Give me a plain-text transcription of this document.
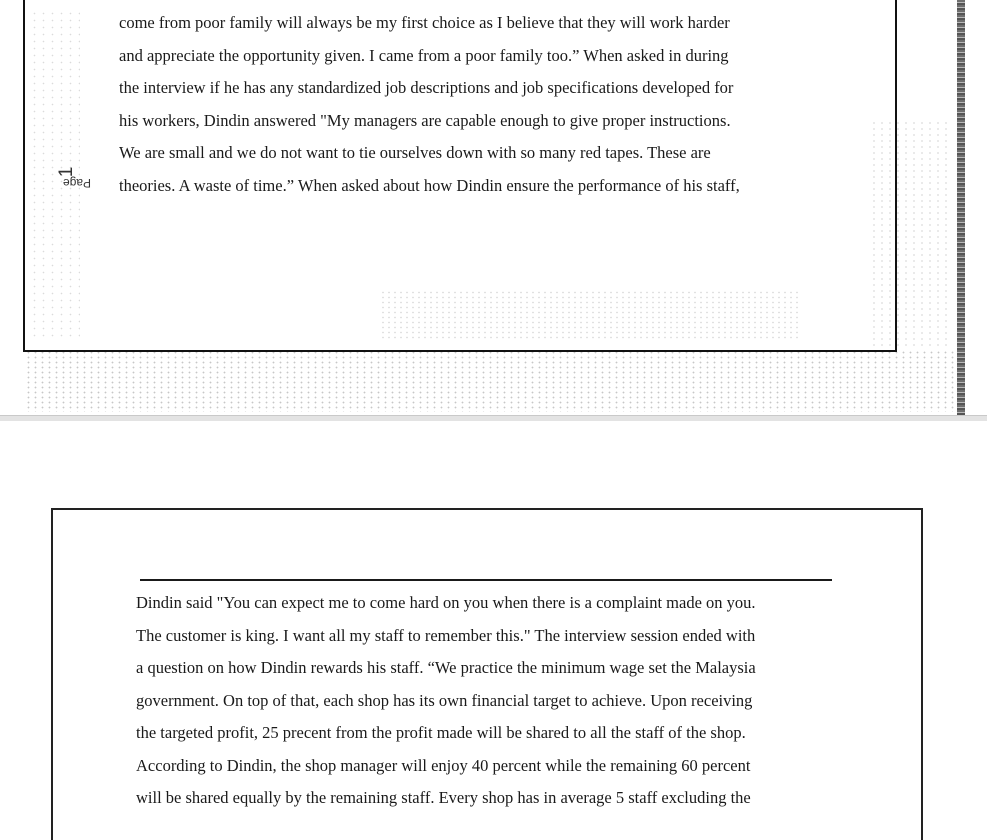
Page
1
come from poor family will always be my first choice as I believe that they will work harder
and appreciate the opportunity given. I came from a poor family too.” When asked in during
the interview if he has any standardized job descriptions and job specifications developed for
his workers, Dindin answered "My managers are capable enough to give proper instructions.
We are small and we do not want to tie ourselves down with so many red tapes. These are
theories. A waste of time.” When asked about how Dindin ensure the performance of his staff,
Dindin said "You can expect me to come hard on you when there is a complaint made on you.
The customer is king. I want all my staff to remember this." The interview session ended with
a question on how Dindin rewards his staff. “We practice the minimum wage set the Malaysia
government. On top of that, each shop has its own financial target to achieve. Upon receiving
the targeted profit, 25 precent from the profit made will be shared to all the staff of the shop.
According to Dindin, the shop manager will enjoy 40 percent while the remaining 60 percent
will be shared equally by the remaining staff. Every shop has in average 5 staff excluding the
